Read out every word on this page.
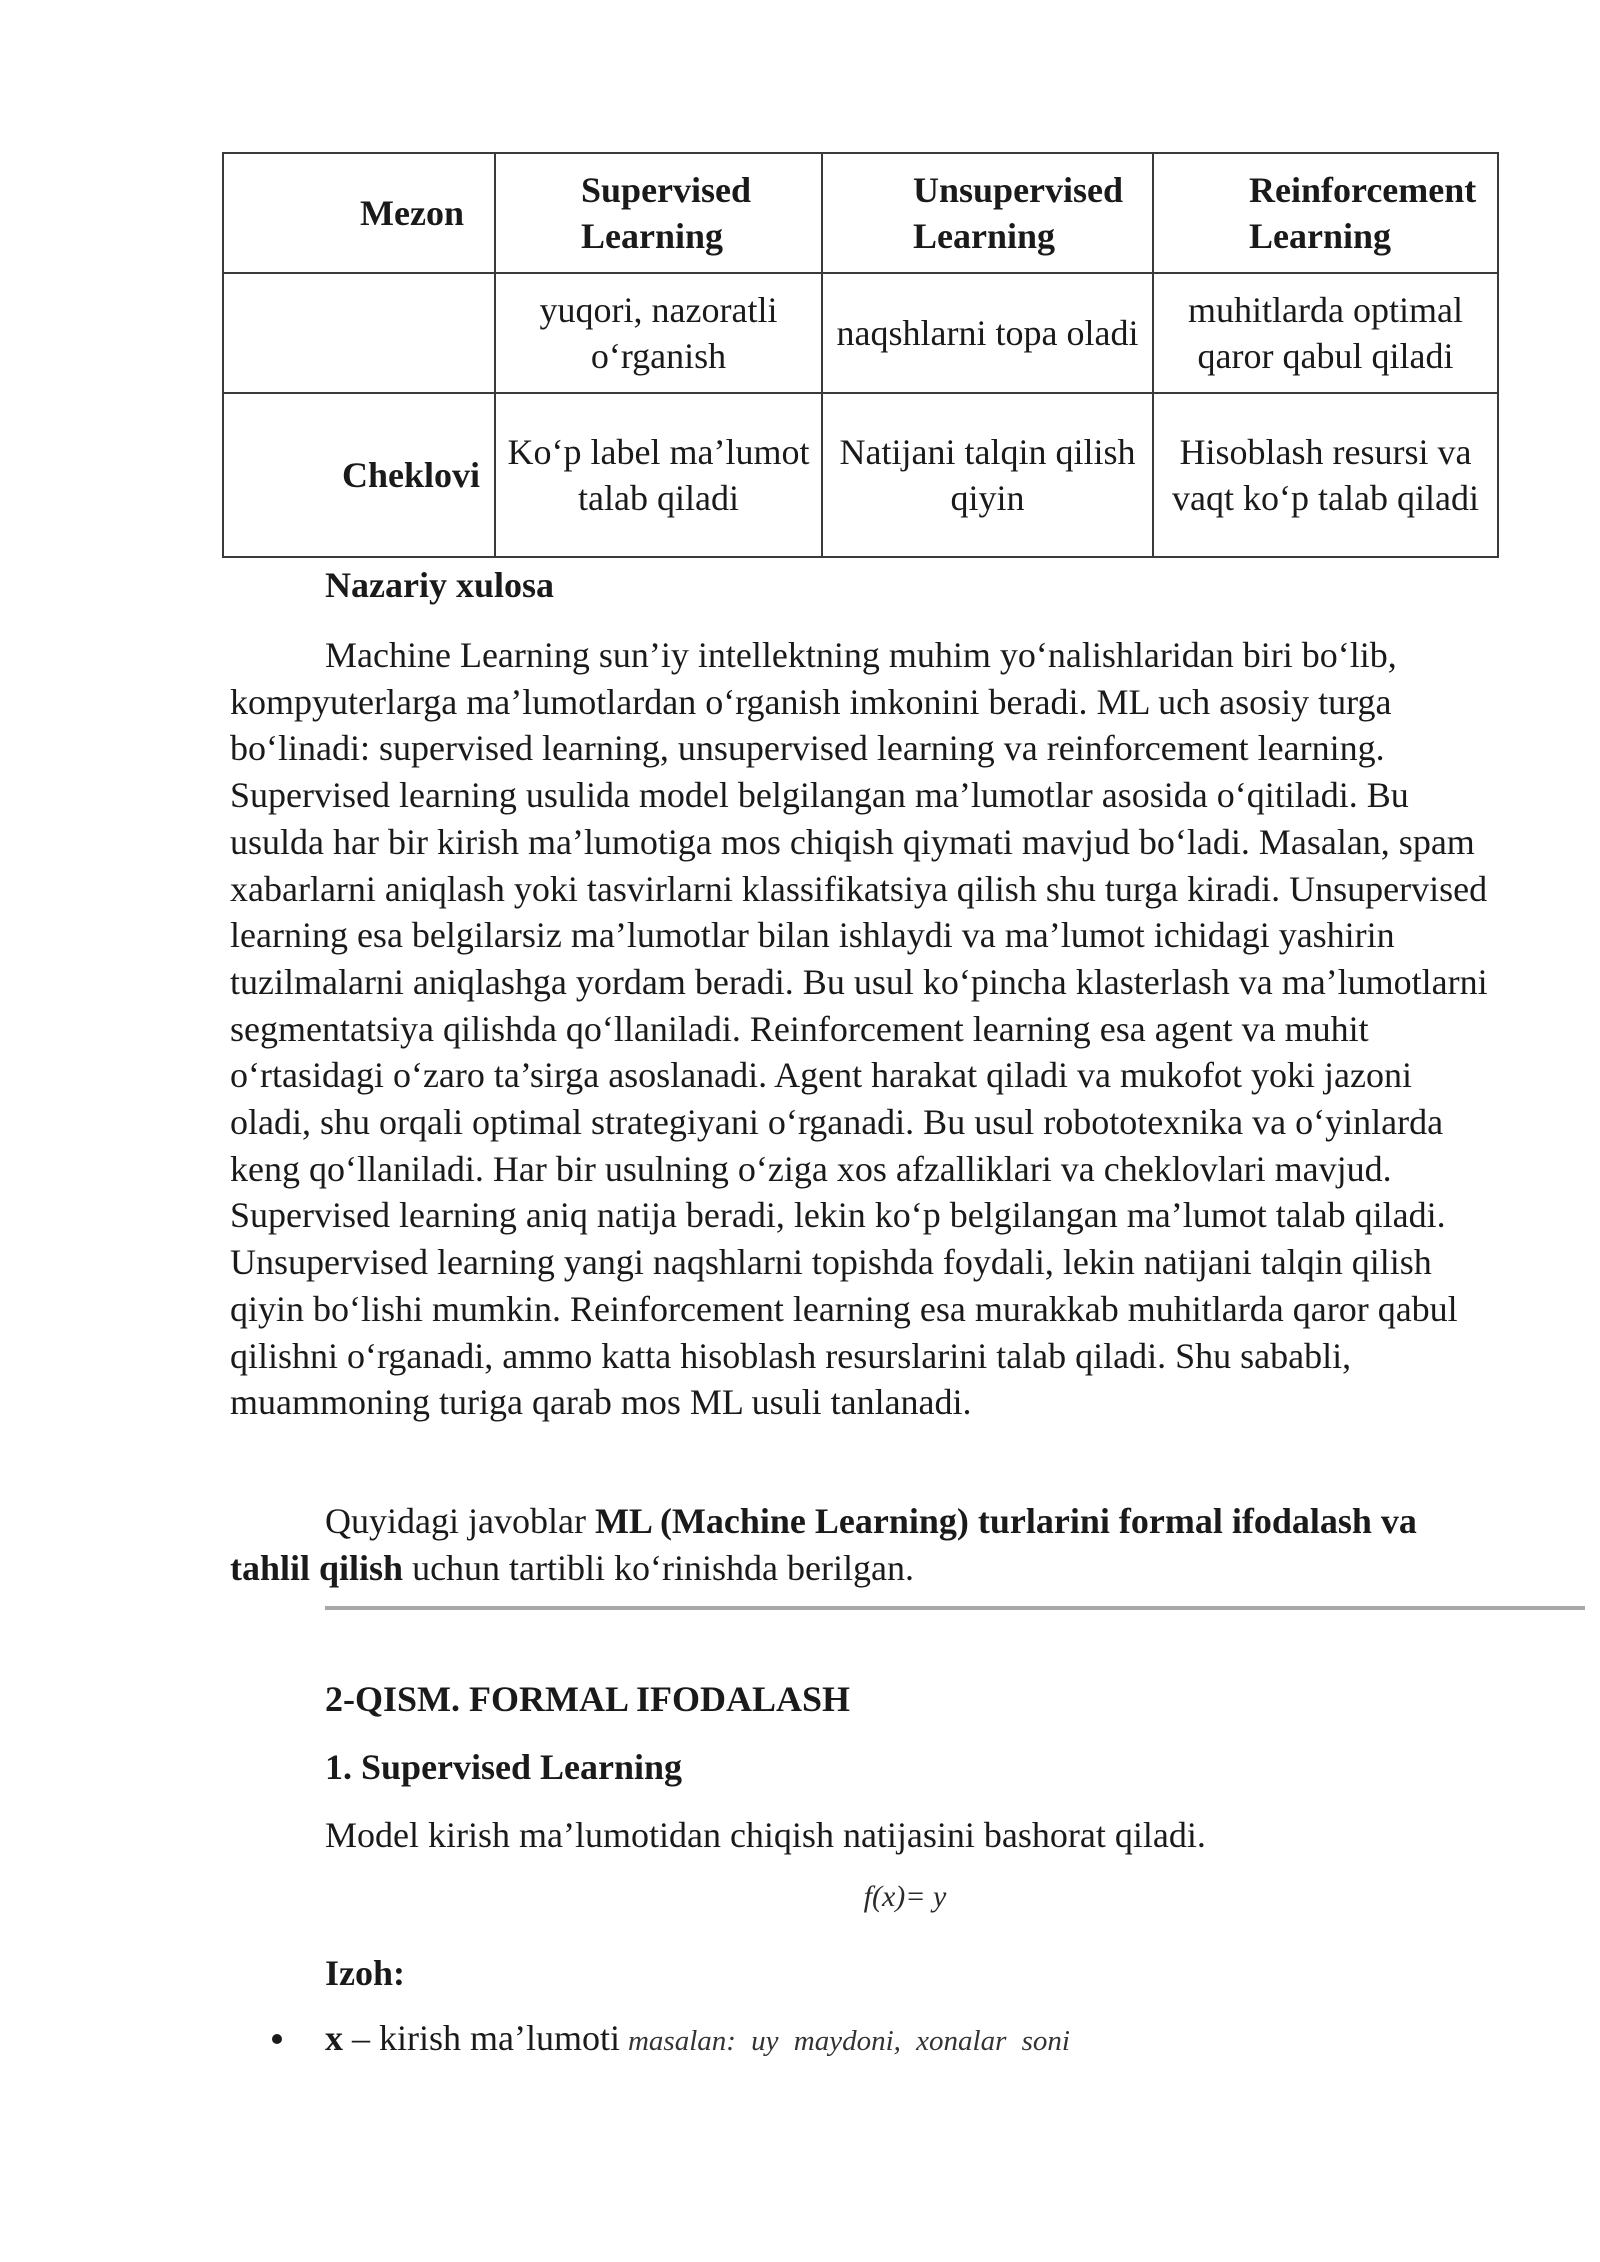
Mezon	Supervised Learning	Unsupervised Learning	Reinforcement Learning
	yuqori, nazoratli o‘rganish	naqshlarni topa oladi	muhitlarda optimal qaror qabul qiladi
Cheklovi	Ko‘p label ma’lumot talab qiladi	Natijani talqin qilish qiyin	Hisoblash resursi va vaqt ko‘p talab qiladi
Nazariy xulosa

Machine Learning sun’iy intellektning muhim yo‘nalishlaridan biri bo‘lib, kompyuterlarga ma’lumotlardan o‘rganish imkonini beradi. ML uch asosiy turga bo‘linadi: supervised learning, unsupervised learning va reinforcement learning. Supervised learning usulida model belgilangan ma’lumotlar asosida o‘qitiladi. Bu usulda har bir kirish ma’lumotiga mos chiqish qiymati mavjud bo‘ladi. Masalan, spam xabarlarni aniqlash yoki tasvirlarni klassifikatsiya qilish shu turga kiradi. Unsupervised learning esa belgilarsiz ma’lumotlar bilan ishlaydi va ma’lumot ichidagi yashirin tuzilmalarni aniqlashga yordam beradi. Bu usul ko‘pincha klasterlash va ma’lumotlarni segmentatsiya qilishda qo‘llaniladi. Reinforcement learning esa agent va muhit o‘rtasidagi o‘zaro ta’sirga asoslanadi. Agent harakat qiladi va mukofot yoki jazoni oladi, shu orqali optimal strategiyani o‘rganadi. Bu usul robototexnika va o‘yinlarda keng qo‘llaniladi. Har bir usulning o‘ziga xos afzalliklari va cheklovlari mavjud. Supervised learning aniq natija beradi, lekin ko‘p belgilangan ma’lumot talab qiladi. Unsupervised learning yangi naqshlarni topishda foydali, lekin natijani talqin qilish qiyin bo‘lishi mumkin. Reinforcement learning esa murakkab muhitlarda qaror qabul qilishni o‘rganadi, ammo katta hisoblash resurslarini talab qiladi. Shu sababli, muammoning turiga qarab mos ML usuli tanlanadi.

Quyidagi javoblar ML (Machine Learning) turlarini formal ifodalash va tahlil qilish uchun tartibli ko‘rinishda berilgan.

2-QISM. FORMAL IFODALASH
1. Supervised Learning
Model kirish ma’lumotidan chiqish natijasini bashorat qiladi.
f(x)= y
Izoh:
x – kirish ma’lumoti masalan: uy maydoni, xonalar soni
